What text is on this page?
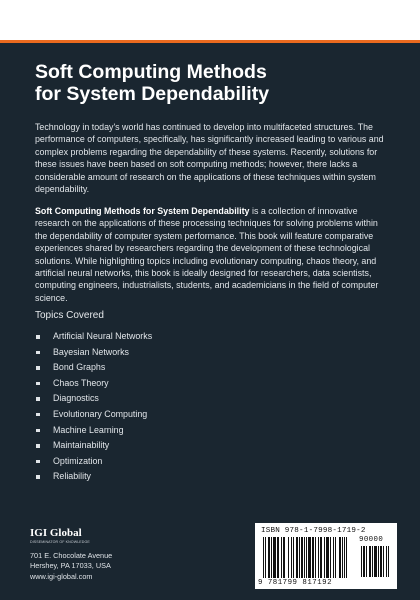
Soft Computing Methods
for System Dependability

Technology in today's world has continued to develop into multifaceted structures. The performance of computers, specifically, has significantly increased leading to various and complex problems regarding the dependability of these systems. Recently, solutions for these issues have been based on soft computing methods; however, there lacks a considerable amount of research on the applications of these techniques within system dependability.

Soft Computing Methods for System Dependability is a collection of innovative research on the applications of these processing techniques for solving problems within the dependability of computer system performance. This book will feature comparative experiences shared by researchers regarding the development of these technological solutions. While highlighting topics including evolutionary computing, chaos theory, and artificial neural networks, this book is ideally designed for researchers, data scientists, computing engineers, industrialists, students, and academicians in the field of computer science.

Topics Covered
Artificial Neural Networks
Bayesian Networks
Bond Graphs
Chaos Theory
Diagnostics
Evolutionary Computing
Machine Learning
Maintainability
Optimization
Reliability
IGI Global
DISSEMINATOR OF KNOWLEDGE
701 E. Chocolate Avenue
Hershey, PA 17033, USA
www.igi-global.com
ISBN 978-1-7998-1719-2
90000
9 781799 817192
